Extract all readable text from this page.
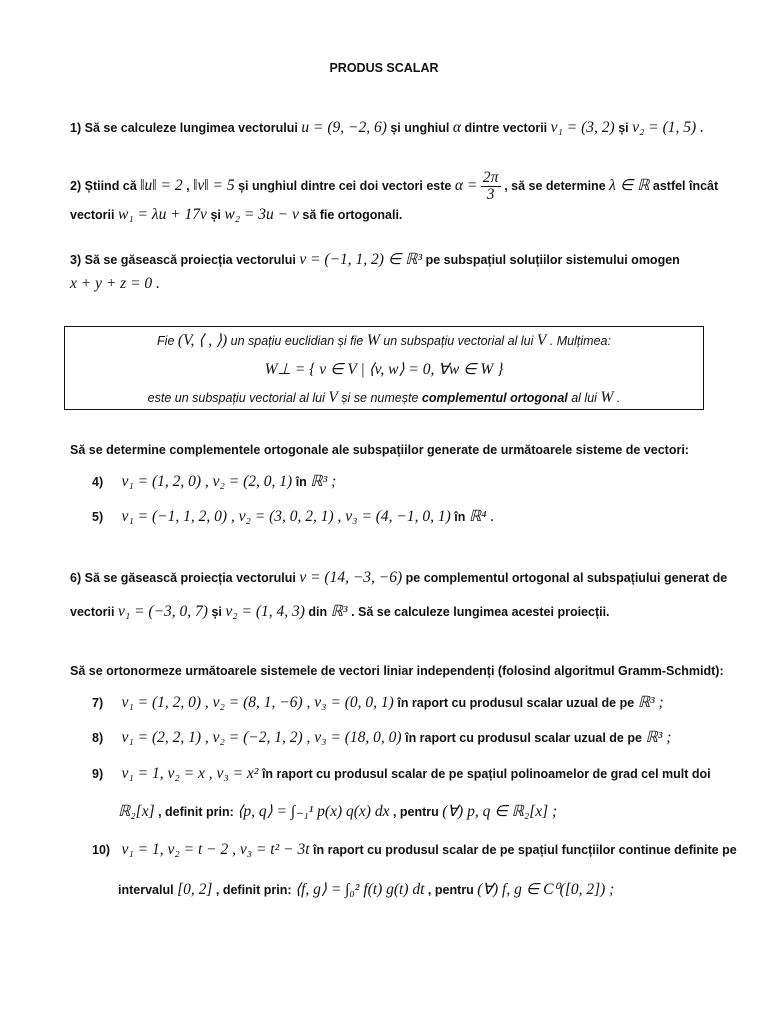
PRODUS SCALAR
1) Să se calculeze lungimea vectorului u = (9, −2, 6) și unghiul α dintre vectorii v₁ = (3, 2) și v₂ = (1, 5) .
2) Știind că ‖u‖ = 2 , ‖v‖ = 5 și unghiul dintre cei doi vectori este $\alpha = \frac{2\pi}{3}$ , să se determine λ ∈ ℝ astfel încât
vectorii w₁ = λu + 17v și w₂ = 3u − v să fie ortogonali.
3) Să se găsească proiecția vectorului v = (−1, 1, 2) ∈ ℝ³ pe subspațiul soluțiilor sistemului omogen
x + y + z = 0 .
Fie (V, ⟨ , ⟩) un spațiu euclidian și fie W un subspațiu vectorial al lui V . Mulțimea:
W⊥ = { v ∈ V | ⟨v, w⟩ = 0, ∀w ∈ W }
este un subspațiu vectorial al lui V și se numește complementul ortogonal al lui W .
Să se determine complementele ortogonale ale subspațiilor generate de următoarele sisteme de vectori:
4) v₁ = (1, 2, 0) , v₂ = (2, 0, 1) în ℝ³ ;
5) v₁ = (−1, 1, 2, 0) , v₂ = (3, 0, 2, 1) , v₃ = (4, −1, 0, 1) în ℝ⁴ .
6) Să se găsească proiecția vectorului v = (14, −3, −6) pe complementul ortogonal al subspațiului generat de
vectorii v₁ = (−3, 0, 7) și v₂ = (1, 4, 3) din ℝ³ . Să se calculeze lungimea acestei proiecții.
Să se ortonormeze următoarele sistemele de vectori liniar independenți (folosind algoritmul Gramm-Schmidt):
7) v₁ = (1, 2, 0) , v₂ = (8, 1, −6) , v₃ = (0, 0, 1) în raport cu produsul scalar uzual de pe ℝ³ ;
8) v₁ = (2, 2, 1) , v₂ = (−2, 1, 2) , v₃ = (18, 0, 0) în raport cu produsul scalar uzual de pe ℝ³ ;
9) v₁ = 1, v₂ = x , v₃ = x² în raport cu produsul scalar de pe spațiul polinoamelor de grad cel mult doi
ℝ₂[x] , definit prin: ⟨p, q⟩ = ∫₋₁¹ p(x) q(x) dx , pentru (∀) p, q ∈ ℝ₂[x] ;
10) v₁ = 1, v₂ = t − 2 , v₃ = t² − 3t în raport cu produsul scalar de pe spațiul funcțiilor continue definite pe
intervalul [0, 2] , definit prin: ⟨f, g⟩ = ∫₀² f(t) g(t) dt , pentru (∀) f, g ∈ C⁰([0, 2]) ;
